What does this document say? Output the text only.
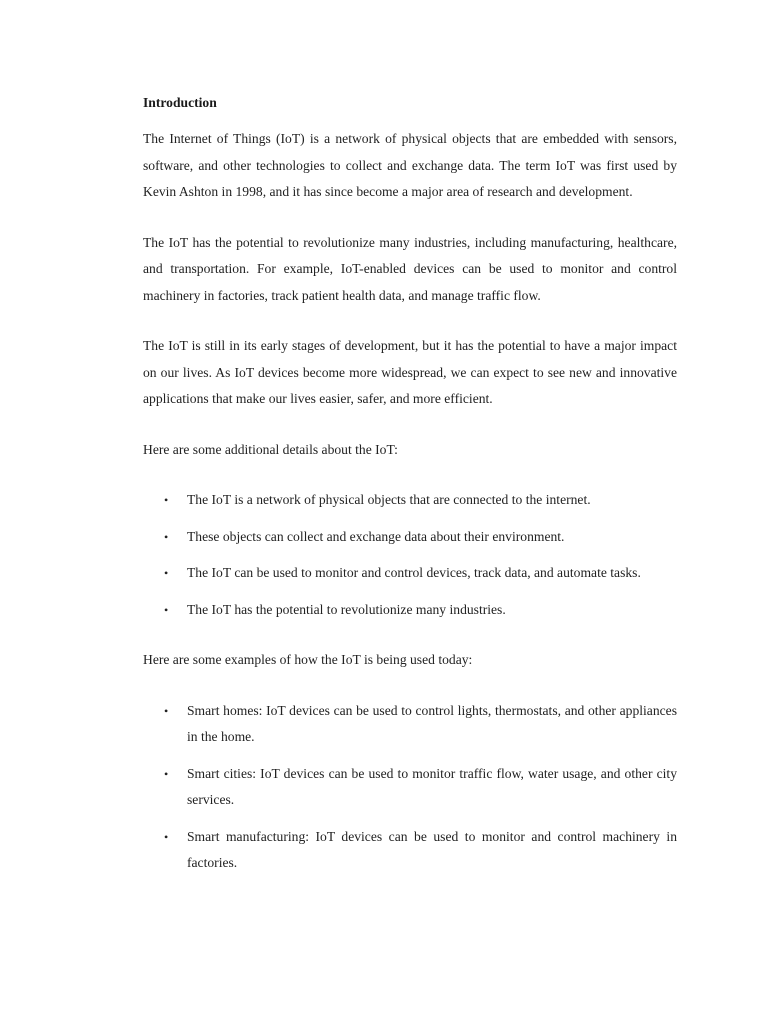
Introduction

The Internet of Things (IoT) is a network of physical objects that are embedded with sensors, software, and other technologies to collect and exchange data. The term IoT was first used by Kevin Ashton in 1998, and it has since become a major area of research and development.

The IoT has the potential to revolutionize many industries, including manufacturing, healthcare, and transportation. For example, IoT-enabled devices can be used to monitor and control machinery in factories, track patient health data, and manage traffic flow.

The IoT is still in its early stages of development, but it has the potential to have a major impact on our lives. As IoT devices become more widespread, we can expect to see new and innovative applications that make our lives easier, safer, and more efficient.

Here are some additional details about the IoT:

• The IoT is a network of physical objects that are connected to the internet.
• These objects can collect and exchange data about their environment.
• The IoT can be used to monitor and control devices, track data, and automate tasks.
• The IoT has the potential to revolutionize many industries.

Here are some examples of how the IoT is being used today:

• Smart homes: IoT devices can be used to control lights, thermostats, and other appliances in the home.
• Smart cities: IoT devices can be used to monitor traffic flow, water usage, and other city services.
• Smart manufacturing: IoT devices can be used to monitor and control machinery in factories.
